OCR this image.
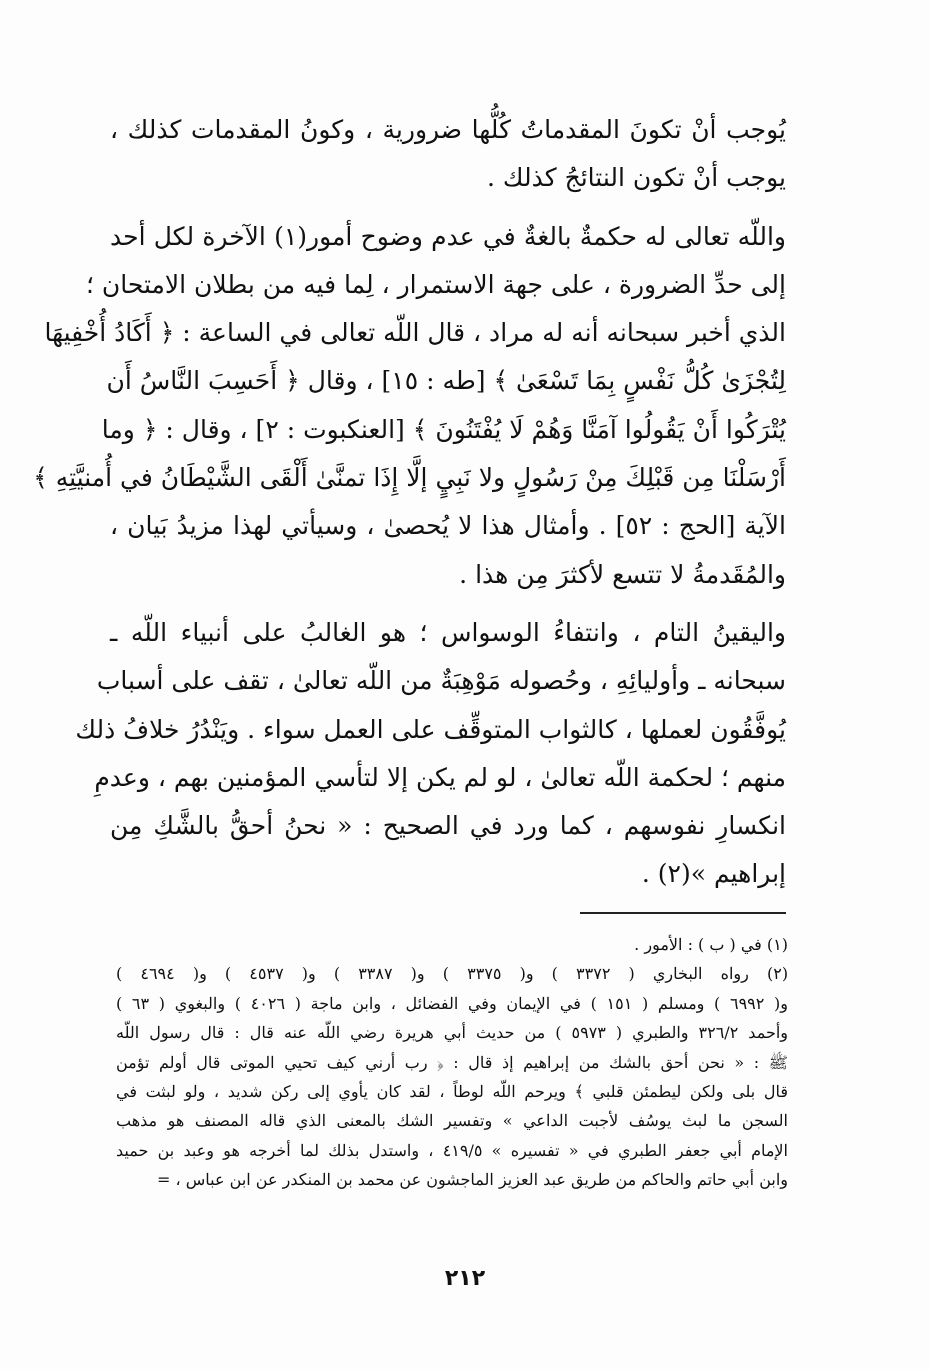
يُوجب أنْ تكونَ المقدماتُ كُلُّها ضرورية ، وكونُ المقدمات كذلك ،
يوجب أنْ تكون النتائجُ كذلك .
واللّه تعالى له حكمةٌ بالغةٌ في عدم وضوح أمور(١) الآخرة لكل أحد
إلى حدِّ الضرورة ، على جهة الاستمرار ، لِما فيه من بطلان الامتحان ؛
الذي أخبر سبحانه أنه له مراد ، قال اللّه تعالى في الساعة : ﴿ أَكَادُ أُخْفِيهَا
لِتُجْزَىٰ كُلُّ نَفْسٍ بِمَا تَسْعَىٰ ﴾ [طه : ١٥] ، وقال ﴿ أَحَسِبَ النَّاسُ أَن
يُتْرَكُوا أَنْ يَقُولُوا آمَنَّا وَهُمْ لَا يُفْتَنُونَ ﴾ [العنكبوت : ٢] ، وقال : ﴿ وما
أَرْسَلْنَا مِن قَبْلِكَ مِنْ رَسُولٍ ولا نَبِيٍ إلَّا إِذَا تمنَّىٰ أَلْقَى الشَّيْطَانُ في أُمنيَّتِهِ ﴾
الآية [الحج : ٥٢] . وأمثال هذا لا يُحصىٰ ، وسيأتي لهذا مزيدُ بَيان ،
والمُقَدمةُ لا تتسع لأكثرَ مِن هذا .
واليقينُ التام ، وانتفاءُ الوسواس ؛ هو الغالبُ على أنبياء اللّه ـ
سبحانه ـ وأوليائِهِ ، وحُصوله مَوْهِبَةٌ من اللّه تعالىٰ ، تقف على أسباب
يُوفَّقُون لعملها ، كالثواب المتوقِّف على العمل سواء . ويَنْدُرُ خلافُ ذلك
منهم ؛ لحكمة اللّه تعالىٰ ، لو لم يكن إلا لتأسي المؤمنين بهم ، وعدمِ
انكسارِ نفوسهم ، كما ورد في الصحيح : « نحنُ أحقُّ بالشَّكِ مِن
إبراهيم »(٢) .
(١) في ( ب ) : الأمور .
(٢) رواه البخاري ( ٣٣٧٢ ) و( ٣٣٧٥ ) و( ٣٣٨٧ ) و( ٤٥٣٧ ) و( ٤٦٩٤ )
و( ٦٩٩٢ ) ومسلم ( ١٥١ ) في الإيمان وفي الفضائل ، وابن ماجة ( ٤٠٢٦ ) والبغوي ( ٦٣ )
وأحمد ٣٢٦/٢ والطبري ( ٥٩٧٣ ) من حديث أبي هريرة رضي اللّه عنه قال : قال رسول اللّه
ﷺ : « نحن أحق بالشك من إبراهيم إذ قال : ﴿ رب أرني كيف تحيي الموتى قال أولم تؤمن
قال بلى ولكن ليطمئن قلبي ﴾ ويرحم اللّه لوطاً ، لقد كان يأوي إلى ركن شديد ، ولو لبثت في
السجن ما لبث يوسُف لأجبت الداعي » وتفسير الشك بالمعنى الذي قاله المصنف هو مذهب
الإمام أبي جعفر الطبري في « تفسيره » ٤١٩/٥ ، واستدل بذلك لما أخرجه هو وعبد بن حميد
وابن أبي حاتم والحاكم من طريق عبد العزيز الماجشون عن محمد بن المنكدر عن ابن عباس ، =
٢١٢
